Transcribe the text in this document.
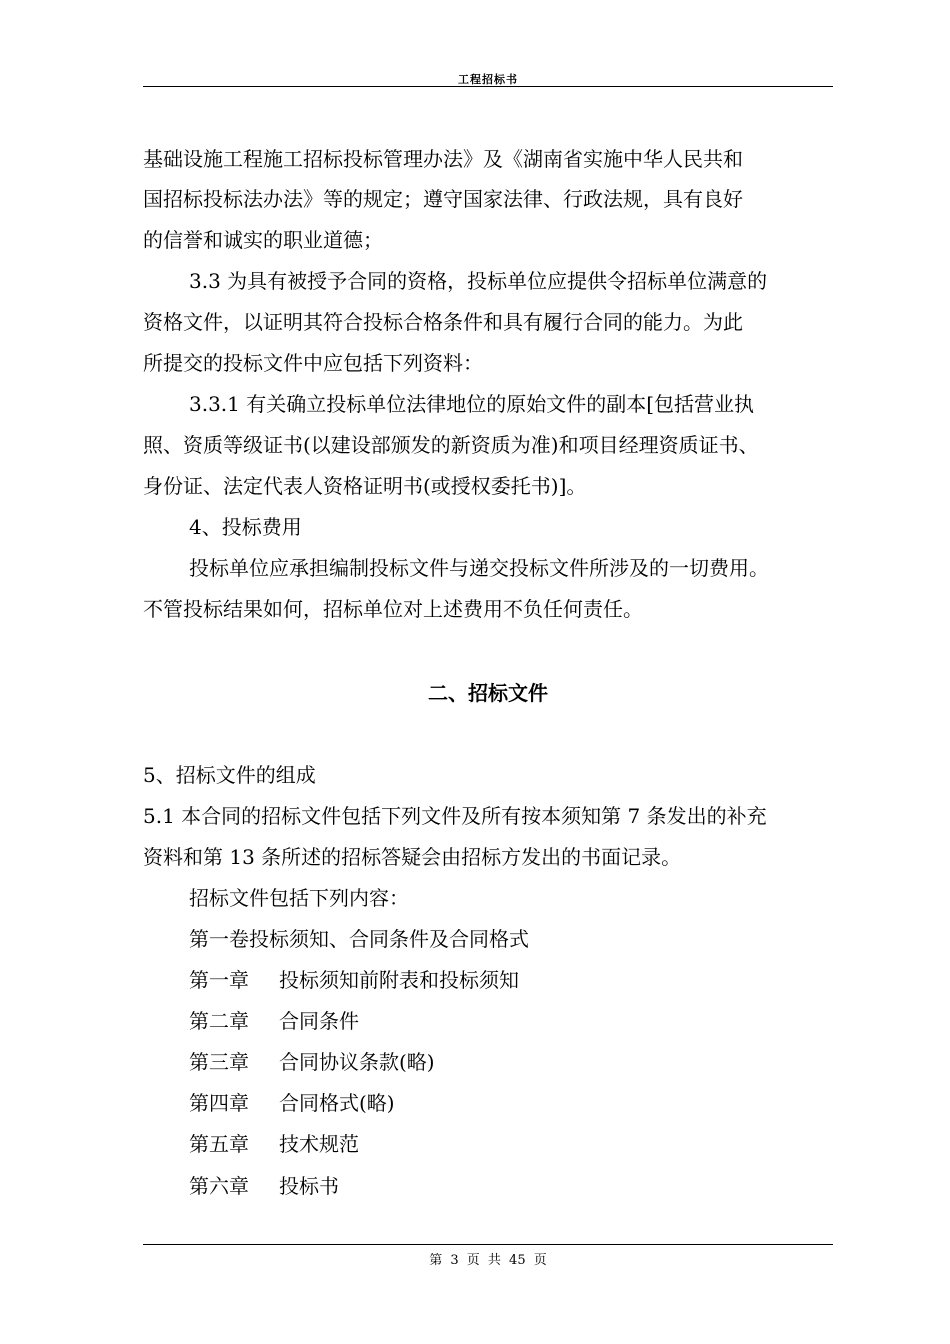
工程招标书
基础设施工程施工招标投标管理办法》及《湖南省实施中华人民共和
国招标投标法办法》等的规定；遵守国家法律、行政法规，具有良好
的信誉和诚实的职业道德；
3.3 为具有被授予合同的资格，投标单位应提供令招标单位满意的
资格文件，以证明其符合投标合格条件和具有履行合同的能力。为此
所提交的投标文件中应包括下列资料：
3.3.1 有关确立投标单位法律地位的原始文件的副本[包括营业执
照、资质等级证书(以建设部颁发的新资质为准)和项目经理资质证书、
身份证、法定代表人资格证明书(或授权委托书)]。
4、投标费用
投标单位应承担编制投标文件与递交投标文件所涉及的一切费用。
不管投标结果如何，招标单位对上述费用不负任何责任。
二、招标文件
5、招标文件的组成
5.1 本合同的招标文件包括下列文件及所有按本须知第 7 条发出的补充
资料和第 13 条所述的招标答疑会由招标方发出的书面记录。
招标文件包括下列内容：
第一卷投标须知、合同条件及合同格式
第一章 投标须知前附表和投标须知
第二章 合同条件
第三章 合同协议条款(略)
第四章 合同格式(略)
第五章 技术规范
第六章 投标书
第 3 页 共 45 页
